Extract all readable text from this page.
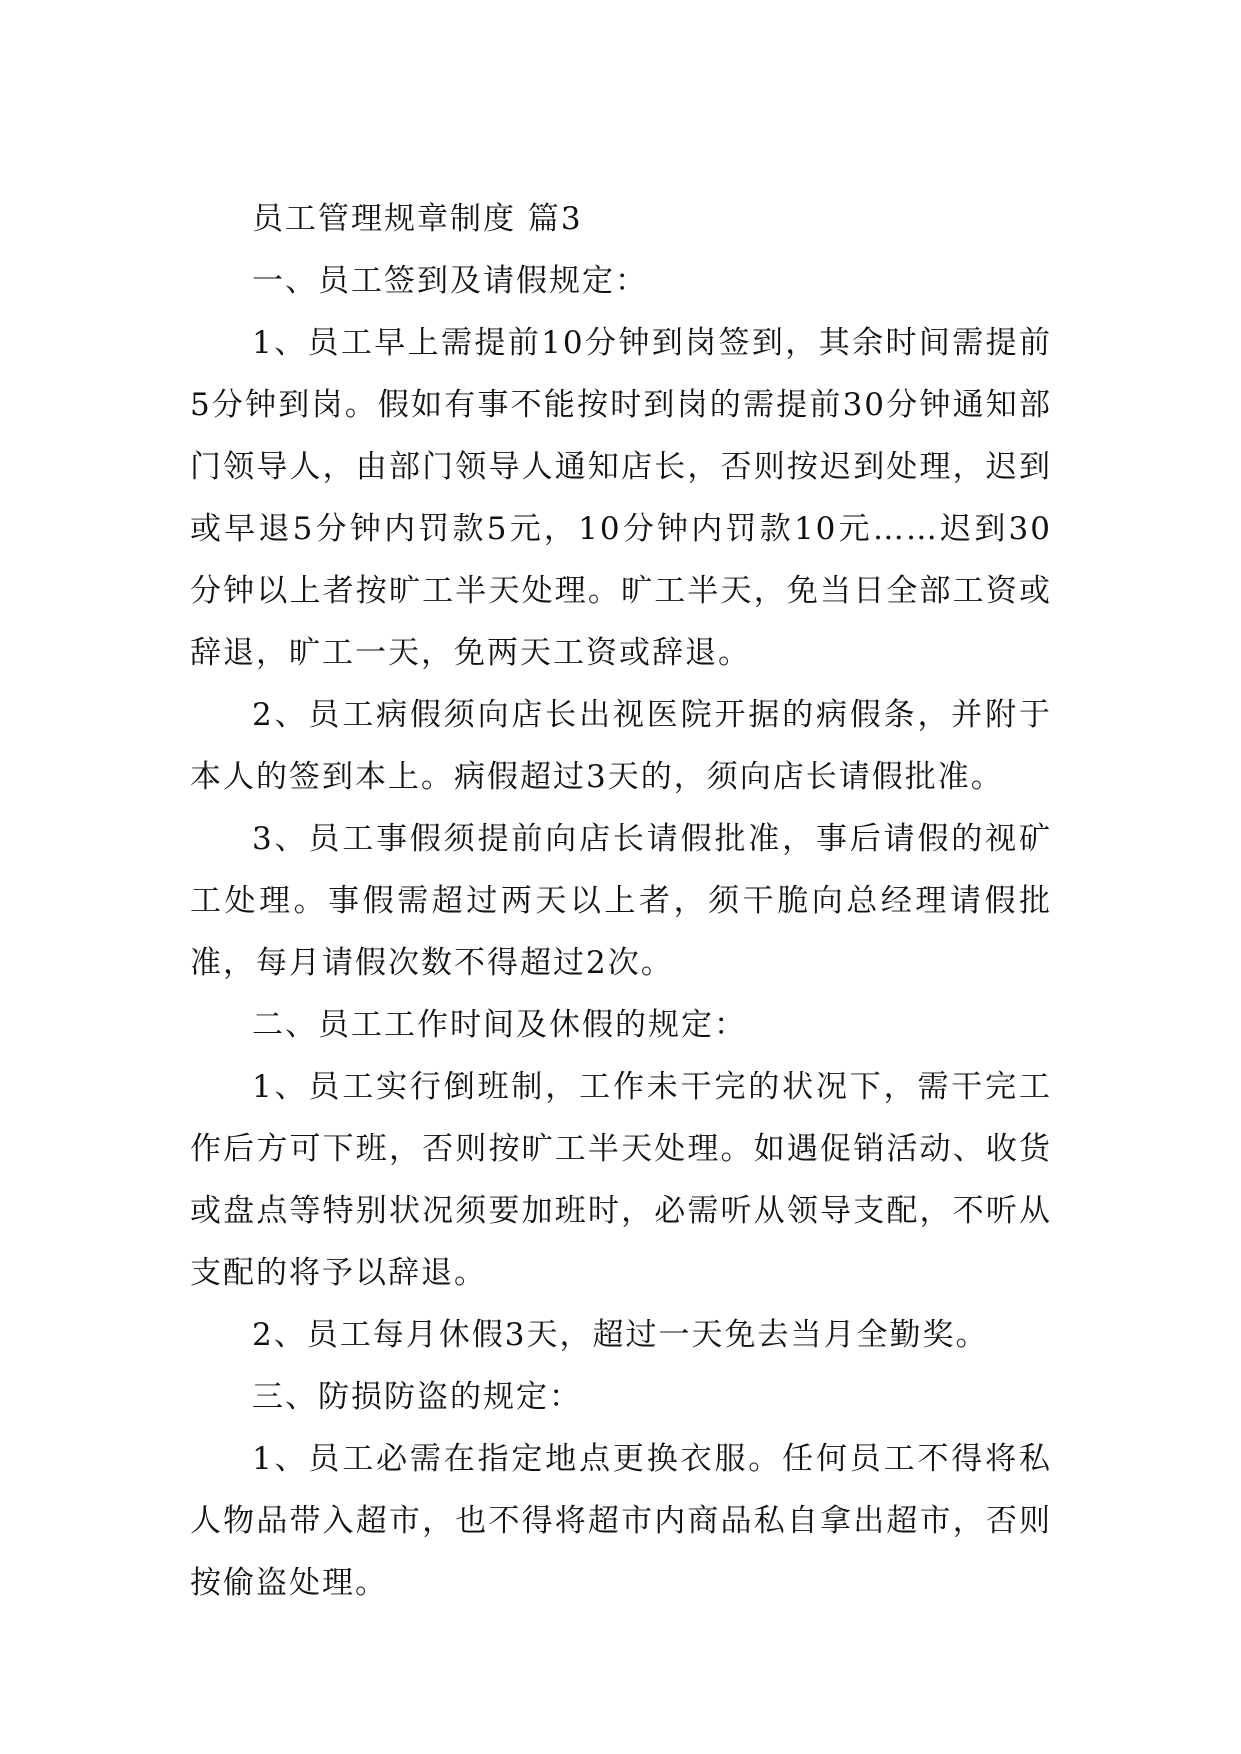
员工管理规章制度 篇3

一、员工签到及请假规定：

1、员工早上需提前10分钟到岗签到，其余时间需提前5分钟到岗。假如有事不能按时到岗的需提前30分钟通知部门领导人，由部门领导人通知店长，否则按迟到处理，迟到或早退5分钟内罚款5元，10分钟内罚款10元……迟到30分钟以上者按旷工半天处理。旷工半天，免当日全部工资或辞退，旷工一天，免两天工资或辞退。

2、员工病假须向店长出视医院开据的病假条，并附于本人的签到本上。病假超过3天的，须向店长请假批准。

3、员工事假须提前向店长请假批准，事后请假的视矿工处理。事假需超过两天以上者，须干脆向总经理请假批准，每月请假次数不得超过2次。

二、员工工作时间及休假的规定：

1、员工实行倒班制，工作未干完的状况下，需干完工作后方可下班，否则按旷工半天处理。如遇促销活动、收货或盘点等特别状况须要加班时，必需听从领导支配，不听从支配的将予以辞退。

2、员工每月休假3天，超过一天免去当月全勤奖。

三、防损防盗的规定：

1、员工必需在指定地点更换衣服。任何员工不得将私人物品带入超市，也不得将超市内商品私自拿出超市，否则按偷盗处理。
